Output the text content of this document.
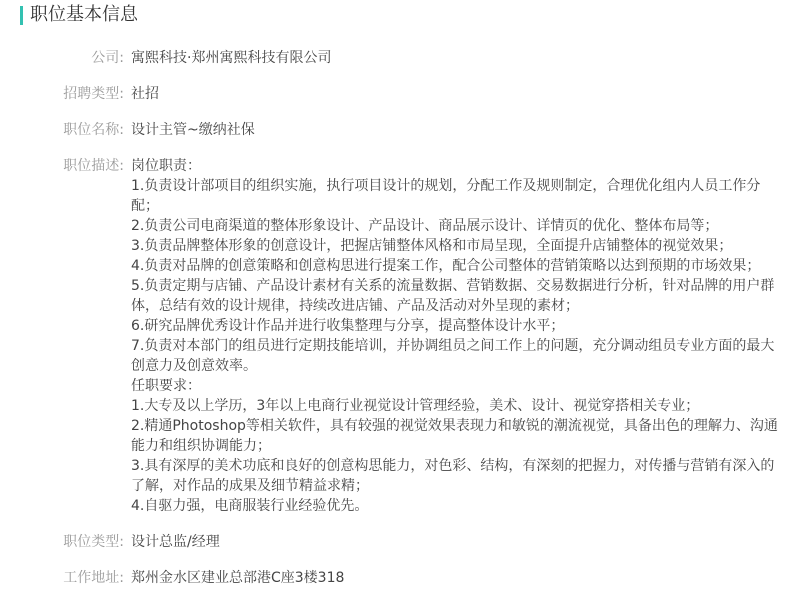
职位基本信息
公司: 寓熙科技·郑州寓熙科技有限公司
招聘类型: 社招
职位名称: 设计主管~缴纳社保
职位描述: 岗位职责：
1.负责设计部项目的组织实施，执行项目设计的规划，分配工作及规则制定，合理优化组内人员工作分配；
2.负责公司电商渠道的整体形象设计、产品设计、商品展示设计、详情页的优化、整体布局等；
3.负责品牌整体形象的创意设计，把握店铺整体风格和市局呈现，全面提升店铺整体的视觉效果；
4.负责对品牌的创意策略和创意构思进行提案工作，配合公司整体的营销策略以达到预期的市场效果；
5.负责定期与店铺、产品设计素材有关系的流量数据、营销数据、交易数据进行分析，针对品牌的用户群体，总结有效的设计规律，持续改进店铺、产品及活动对外呈现的素材；
6.研究品牌优秀设计作品并进行收集整理与分享，提高整体设计水平；
7.负责对本部门的组员进行定期技能培训，并协调组员之间工作上的问题，充分调动组员专业方面的最大创意力及创意效率。
任职要求：
1.大专及以上学历，3年以上电商行业视觉设计管理经验，美术、设计、视觉穿搭相关专业；
2.精通Photoshop等相关软件，具有较强的视觉效果表现力和敏锐的潮流视觉，具备出色的理解力、沟通能力和组织协调能力；
3.具有深厚的美术功底和良好的创意构思能力，对色彩、结构，有深刻的把握力，对传播与营销有深入的了解，对作品的成果及细节精益求精；
4.自驱力强，电商服装行业经验优先。
职位类型: 设计总监/经理
工作地址: 郑州金水区建业总部港C座3楼318
